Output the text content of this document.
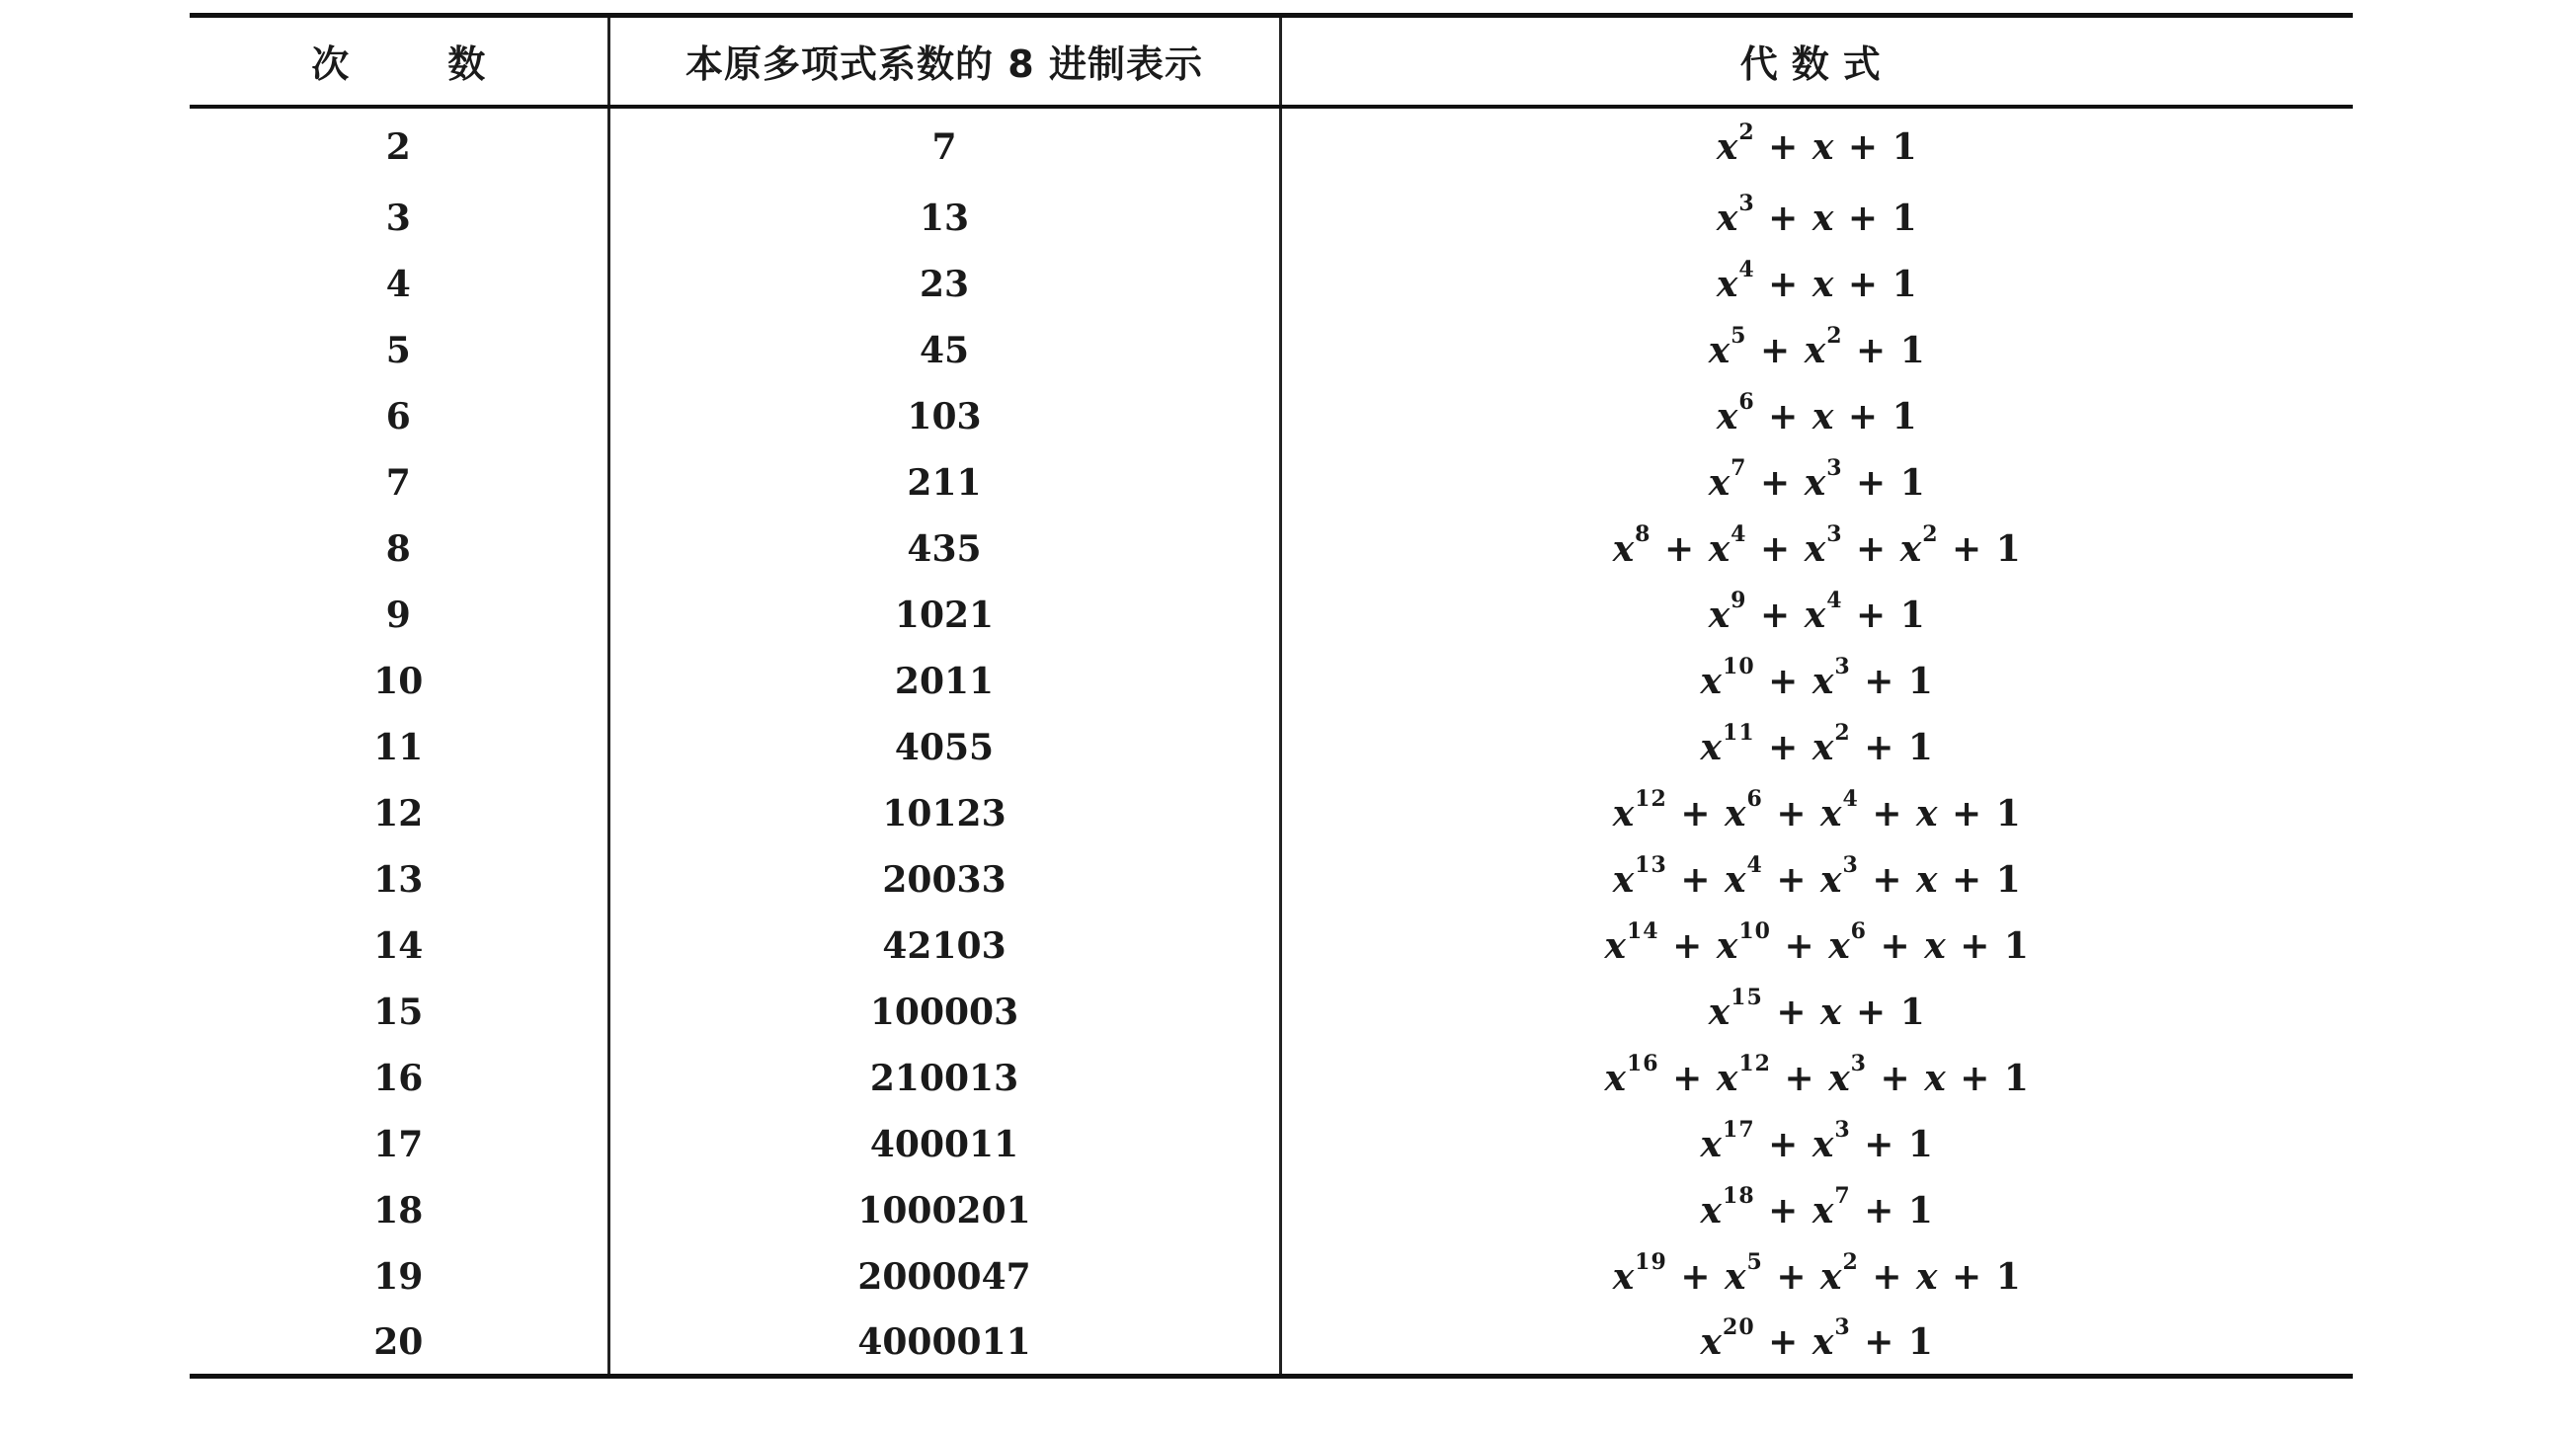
次 数	本原多项式系数的 8 进制表示	代数式
2	7	$x^2 + x + 1$
3	13	$x^3 + x + 1$
4	23	$x^4 + x + 1$
5	45	$x^5 + x^2 + 1$
6	103	$x^6 + x + 1$
7	211	$x^7 + x^3 + 1$
8	435	$x^8 + x^4 + x^3 + x^2 + 1$
9	1021	$x^9 + x^4 + 1$
10	2011	$x^{10} + x^3 + 1$
11	4055	$x^{11} + x^2 + 1$
12	10123	$x^{12} + x^6 + x^4 + x + 1$
13	20033	$x^{13} + x^4 + x^3 + x + 1$
14	42103	$x^{14} + x^{10} + x^6 + x + 1$
15	100003	$x^{15} + x + 1$
16	210013	$x^{16} + x^{12} + x^3 + x + 1$
17	400011	$x^{17} + x^3 + 1$
18	1000201	$x^{18} + x^7 + 1$
19	2000047	$x^{19} + x^5 + x^2 + x + 1$
20	4000011	$x^{20} + x^3 + 1$
